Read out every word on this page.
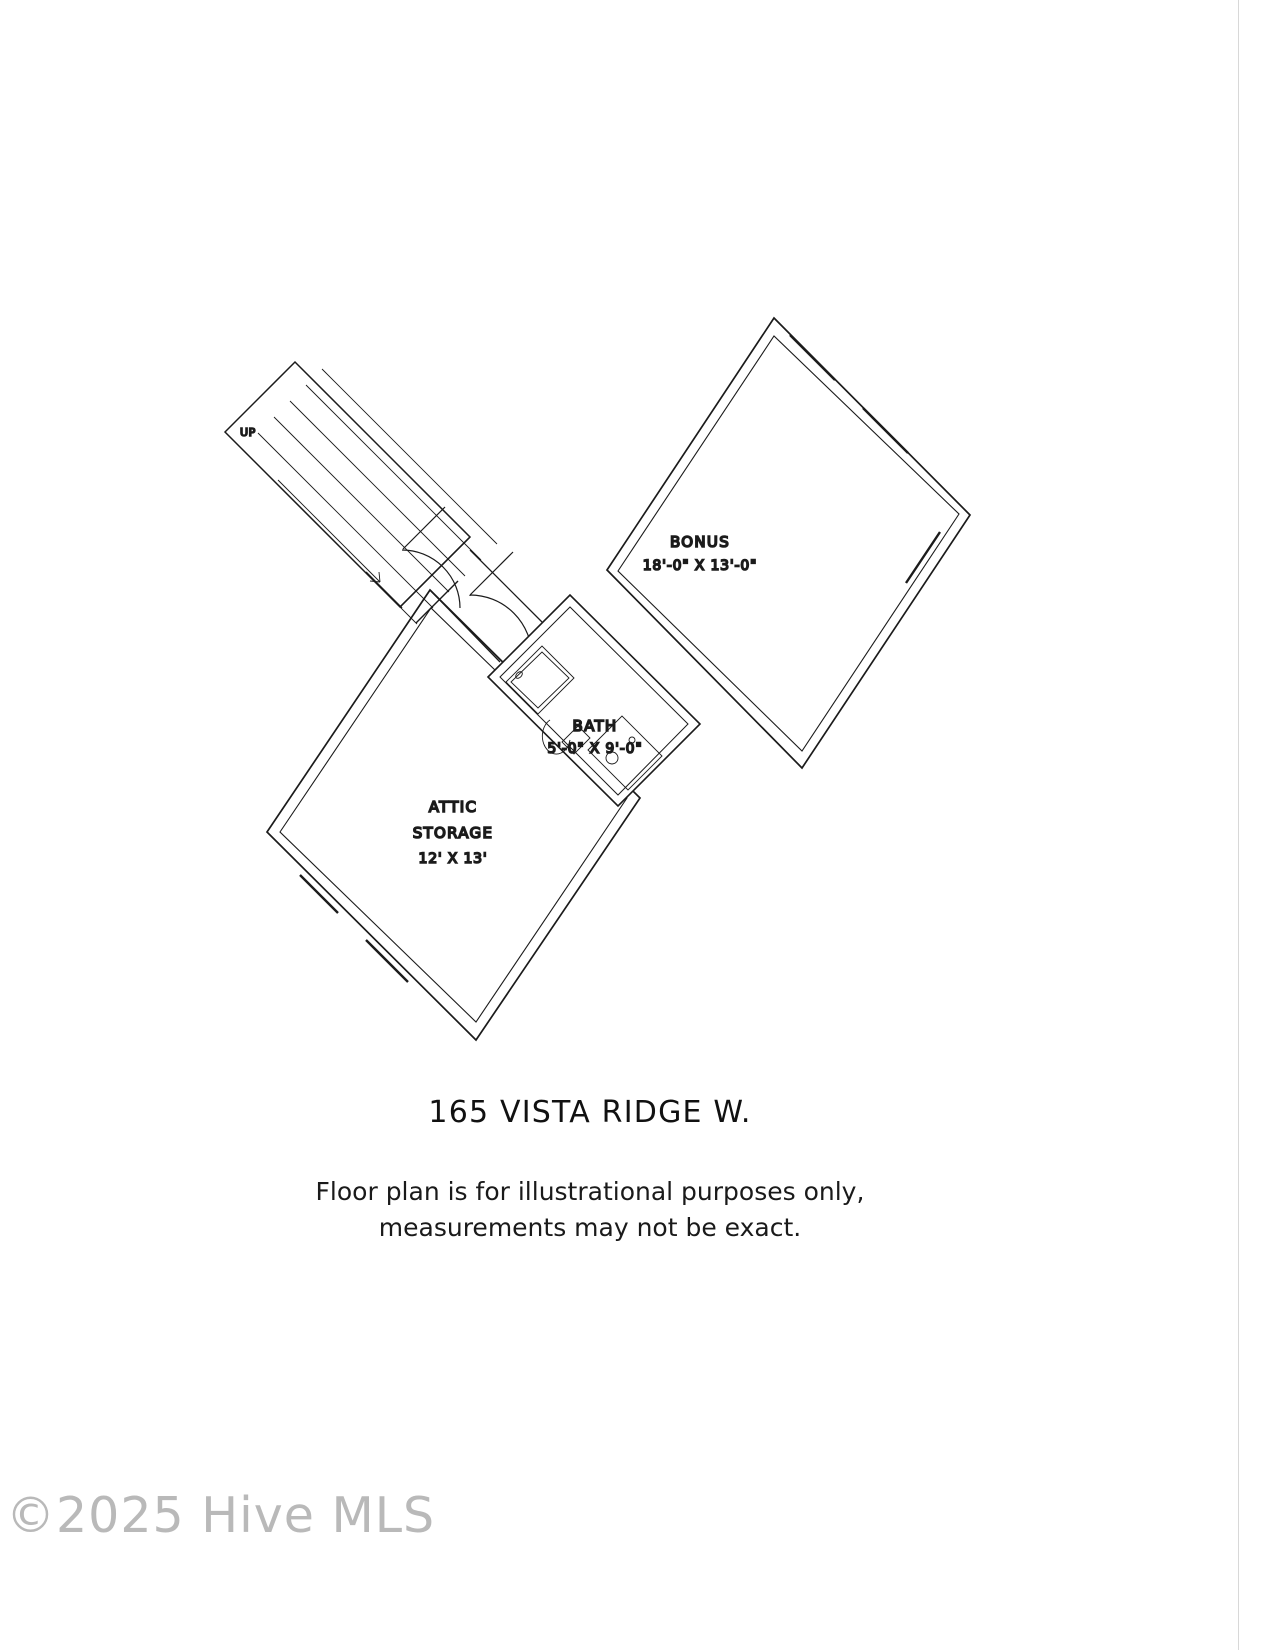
UP
BONUS
18'-0" X 13'-0"
BATH
5'-0" X 9'-0"
ATTIC
STORAGE
12' X 13'
165 VISTA RIDGE W.
Floor plan is for illustrational purposes only,
measurements may not be exact.
©2025 Hive MLS
